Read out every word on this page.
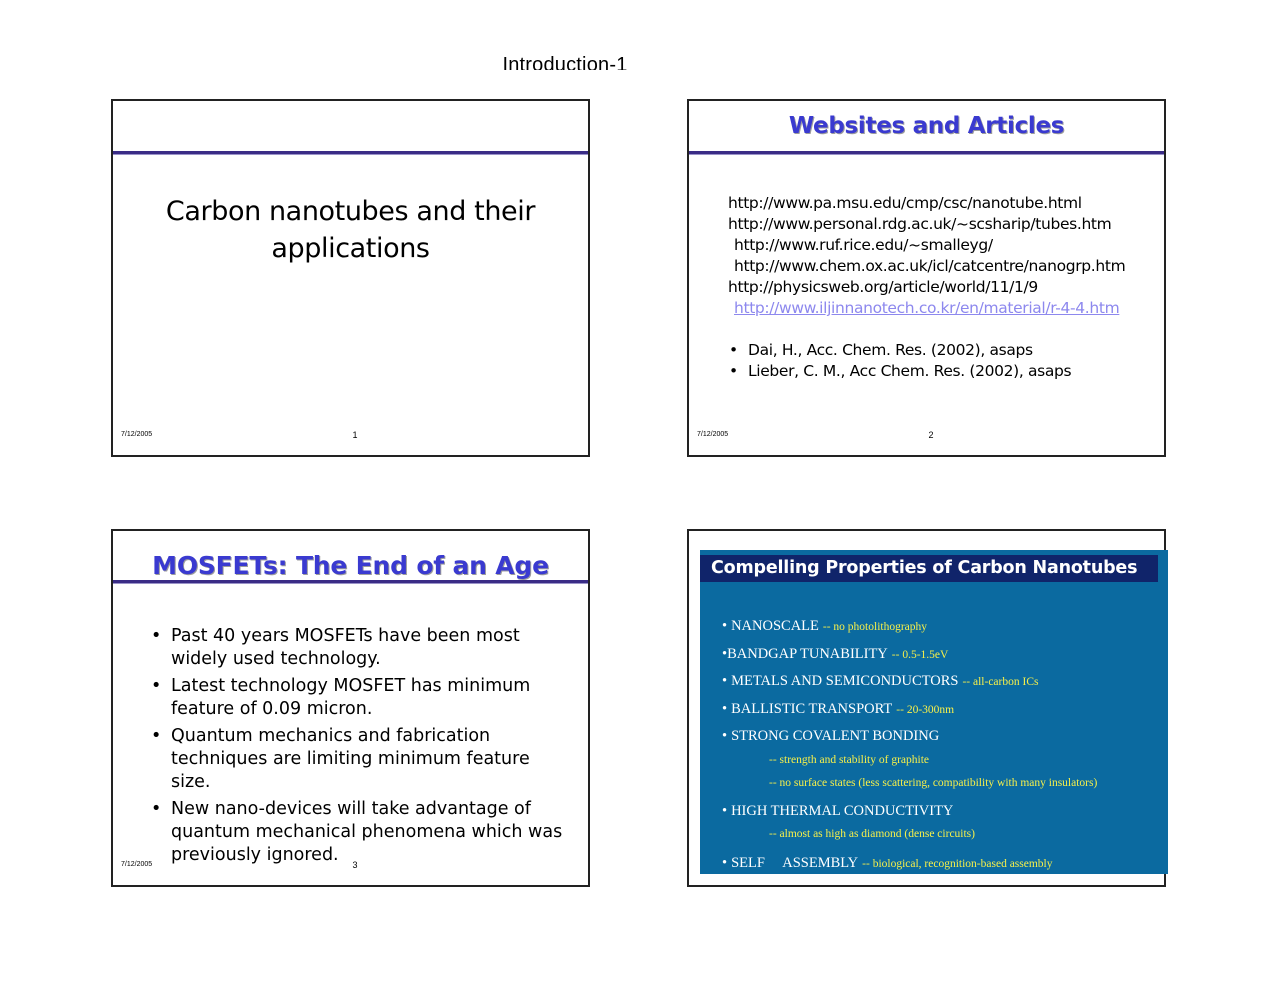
Introduction-1
Carbon nanotubes and their applications
7/12/2005	1
Websites and Articles
http://www.pa.msu.edu/cmp/csc/nanotube.html
http://www.personal.rdg.ac.uk/~scsharip/tubes.htm
http://www.ruf.rice.edu/~smalleyg/
http://www.chem.ox.ac.uk/icl/catcentre/nanogrp.htm
http://physicsweb.org/article/world/11/1/9
http://www.iljinnanotech.co.kr/en/material/r-4-4.htm
• Dai, H., Acc. Chem. Res. (2002), asaps
• Lieber, C. M., Acc Chem. Res. (2002), asaps
7/12/2005	2
MOSFETs: The End of an Age
• Past 40 years MOSFETs have been most widely used technology.
• Latest technology MOSFET has minimum feature of 0.09 micron.
• Quantum mechanics and fabrication techniques are limiting minimum feature size.
• New nano-devices will take advantage of quantum mechanical phenomena which was previously ignored.
7/12/2005	3
Compelling Properties of Carbon Nanotubes
• NANOSCALE -- no photolithography
•BANDGAP TUNABILITY -- 0.5-1.5eV
• METALS AND SEMICONDUCTORS -- all-carbon ICs
• BALLISTIC TRANSPORT -- 20-300nm
• STRONG COVALENT BONDING
-- strength and stability of graphite
-- no surface states (less scattering, compatibility with many insulators)
• HIGH THERMAL CONDUCTIVITY
-- almost as high as diamond (dense circuits)
• SELF     ASSEMBLY -- biological, recognition-based assembly
